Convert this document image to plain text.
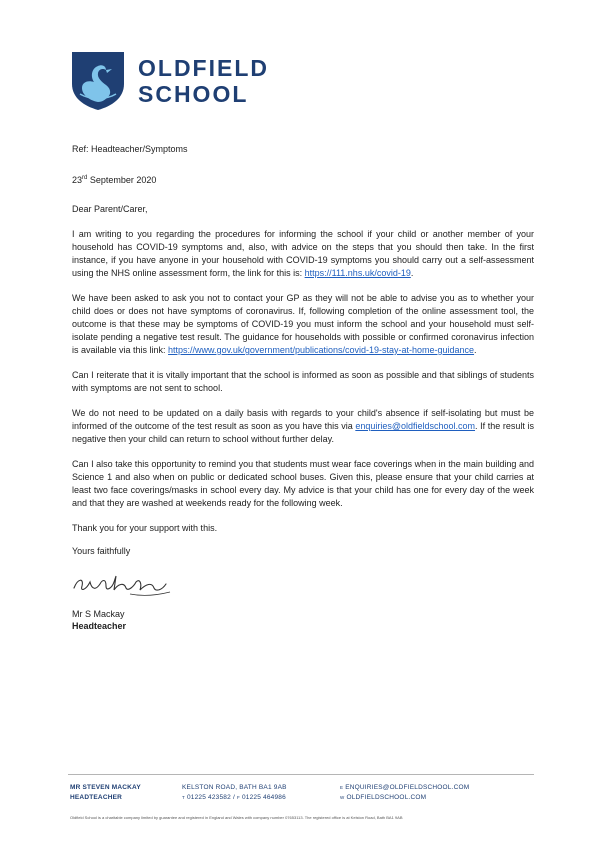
OLDFIELD
SCHOOL
Ref: Headteacher/Symptoms
23rd September 2020
Dear Parent/Carer,

I am writing to you regarding the procedures for informing the school if your child or another member of your household has COVID-19 symptoms and, also, with advice on the steps that you should then take. In the first instance, if you have anyone in your household with COVID-19 symptoms you should carry out a self-assessment using the NHS online assessment form, the link for this is: https://111.nhs.uk/covid-19.

We have been asked to ask you not to contact your GP as they will not be able to advise you as to whether your child does or does not have symptoms of coronavirus. If, following completion of the online assessment tool, the outcome is that these may be symptoms of COVID-19 you must inform the school and your household must self-isolate pending a negative test result. The guidance for households with possible or confirmed coronavirus infection is available via this link: https://www.gov.uk/government/publications/covid-19-stay-at-home-guidance.

Can I reiterate that it is vitally important that the school is informed as soon as possible and that siblings of students with symptoms are not sent to school.

We do not need to be updated on a daily basis with regards to your child's absence if self-isolating but must be informed of the outcome of the test result as soon as you have this via enquiries@oldfieldschool.com. If the result is negative then your child can return to school without further delay.

Can I also take this opportunity to remind you that students must wear face coverings when in the main building and Science 1 and also when on public or dedicated school buses. Given this, please ensure that your child carries at least two face coverings/masks in school every day. My advice is that your child has one for every day of the week and that they are washed at weekends ready for the following week.

Thank you for your support with this.

Yours faithfully
Mr S Mackay
Headteacher
MR STEVEN MACKAY
HEADTEACHER
KELSTON ROAD, BATH BA1 9AB
$^T$ 01225 423582 / $^F$ 01225 464986
$^E$ ENQUIRIES@OLDFIELDSCHOOL.COM
$^W$ OLDFIELDSCHOOL.COM
Oldfield School is a charitable company limited by guarantee and registered in England and Wales with company number 07653113. The registered office is at Kelston Road, Bath BA1 9AB
